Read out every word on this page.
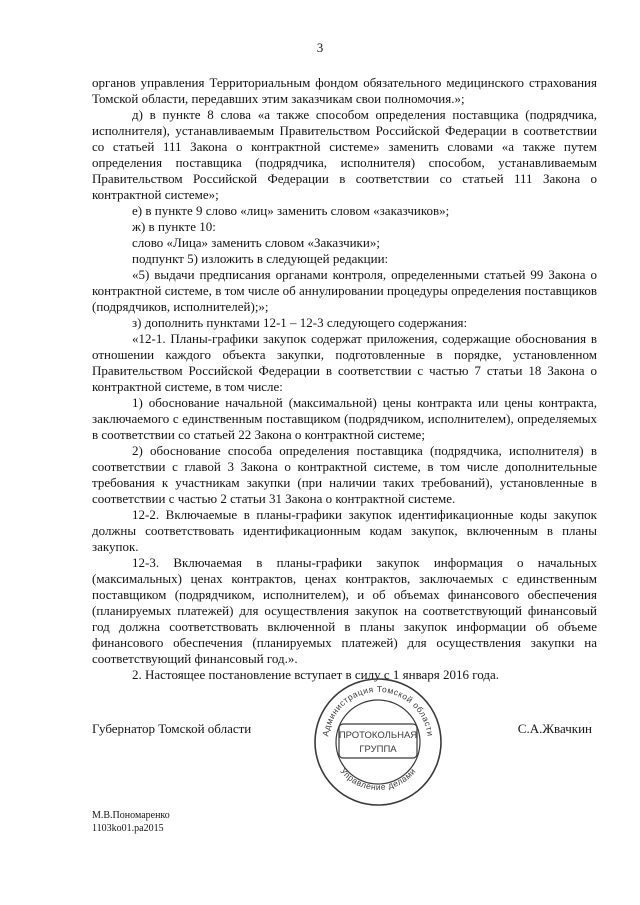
3

органов управления Территориальным фондом обязательного медицинского страхования Томской области, передавших этим заказчикам свои полномочия.»;

д) в пункте 8 слова «а также способом определения поставщика (подрядчика, исполнителя), устанавливаемым Правительством Российской Федерации в соответствии со статьей 111 Закона о контрактной системе» заменить словами «а также путем определения поставщика (подрядчика, исполнителя) способом, устанавливаемым Правительством Российской Федерации в соответствии со статьей 111 Закона о контрактной системе»;

е) в пункте 9 слово «лиц» заменить словом «заказчиков»;

ж) в пункте 10:

слово «Лица» заменить словом «Заказчики»;

подпункт 5) изложить в следующей редакции:

«5) выдачи предписания органами контроля, определенными статьей 99 Закона о контрактной системе, в том числе об аннулировании процедуры определения поставщиков (подрядчиков, исполнителей);»;

з) дополнить пунктами 12-1 – 12-3 следующего содержания:

«12-1. Планы-графики закупок содержат приложения, содержащие обоснования в отношении каждого объекта закупки, подготовленные в порядке, установленном Правительством Российской Федерации в соответствии с частью 7 статьи 18 Закона о контрактной системе, в том числе:

1) обоснование начальной (максимальной) цены контракта или цены контракта, заключаемого с единственным поставщиком (подрядчиком, исполнителем), определяемых в соответствии со статьей 22 Закона о контрактной системе;

2) обоснование способа определения поставщика (подрядчика, исполнителя) в соответствии с главой 3 Закона о контрактной системе, в том числе дополнительные требования к участникам закупки (при наличии таких требований), установленные в соответствии с частью 2 статьи 31 Закона о контрактной системе.

12-2. Включаемые в планы-графики закупок идентификационные коды закупок должны соответствовать идентификационным кодам закупок, включенным в планы закупок.

12-3. Включаемая в планы-графики закупок информация о начальных (максимальных) ценах контрактов, ценах контрактов, заключаемых с единственным поставщиком (подрядчиком, исполнителем), и об объемах финансового обеспечения (планируемых платежей) для осуществления закупок на соответствующий финансовый год должна соответствовать включенной в планы закупок информации об объеме финансового обеспечения (планируемых платежей) для осуществления закупки на соответствующий финансовый год.».

2. Настоящее постановление вступает в силу с 1 января 2016 года.

Губернатор Томской области	С.А.Жвачкин
Администрация Томской области
Управление делами
ПРОТОКОЛЬНАЯ
ГРУППА
М.В.Пономаренко
1103ko01.pa2015
